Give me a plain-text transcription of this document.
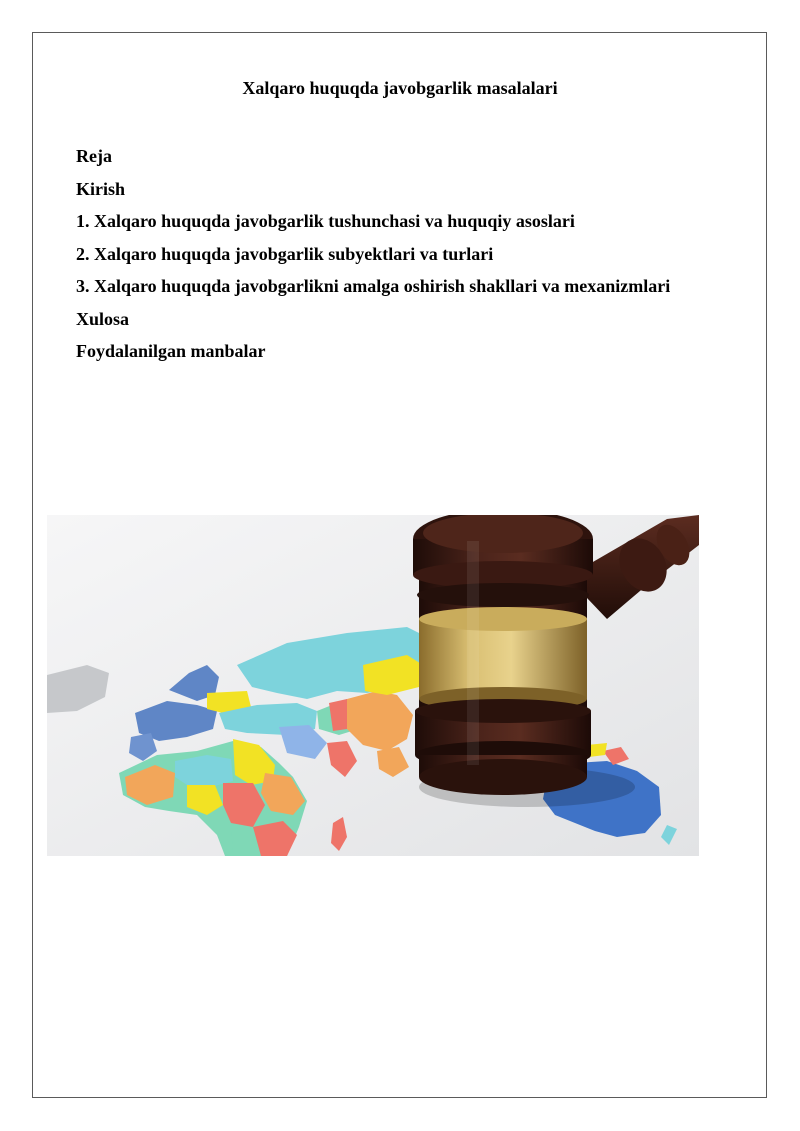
Xalqaro huquqda javobgarlik masalalari
Reja
Kirish
1. Xalqaro huquqda javobgarlik tushunchasi va huquqiy asoslari
2. Xalqaro huquqda javobgarlik subyektlari va turlari
3. Xalqaro huquqda javobgarlikni amalga oshirish shakllari va mexanizmlari
Xulosa
Foydalanilgan manbalar
